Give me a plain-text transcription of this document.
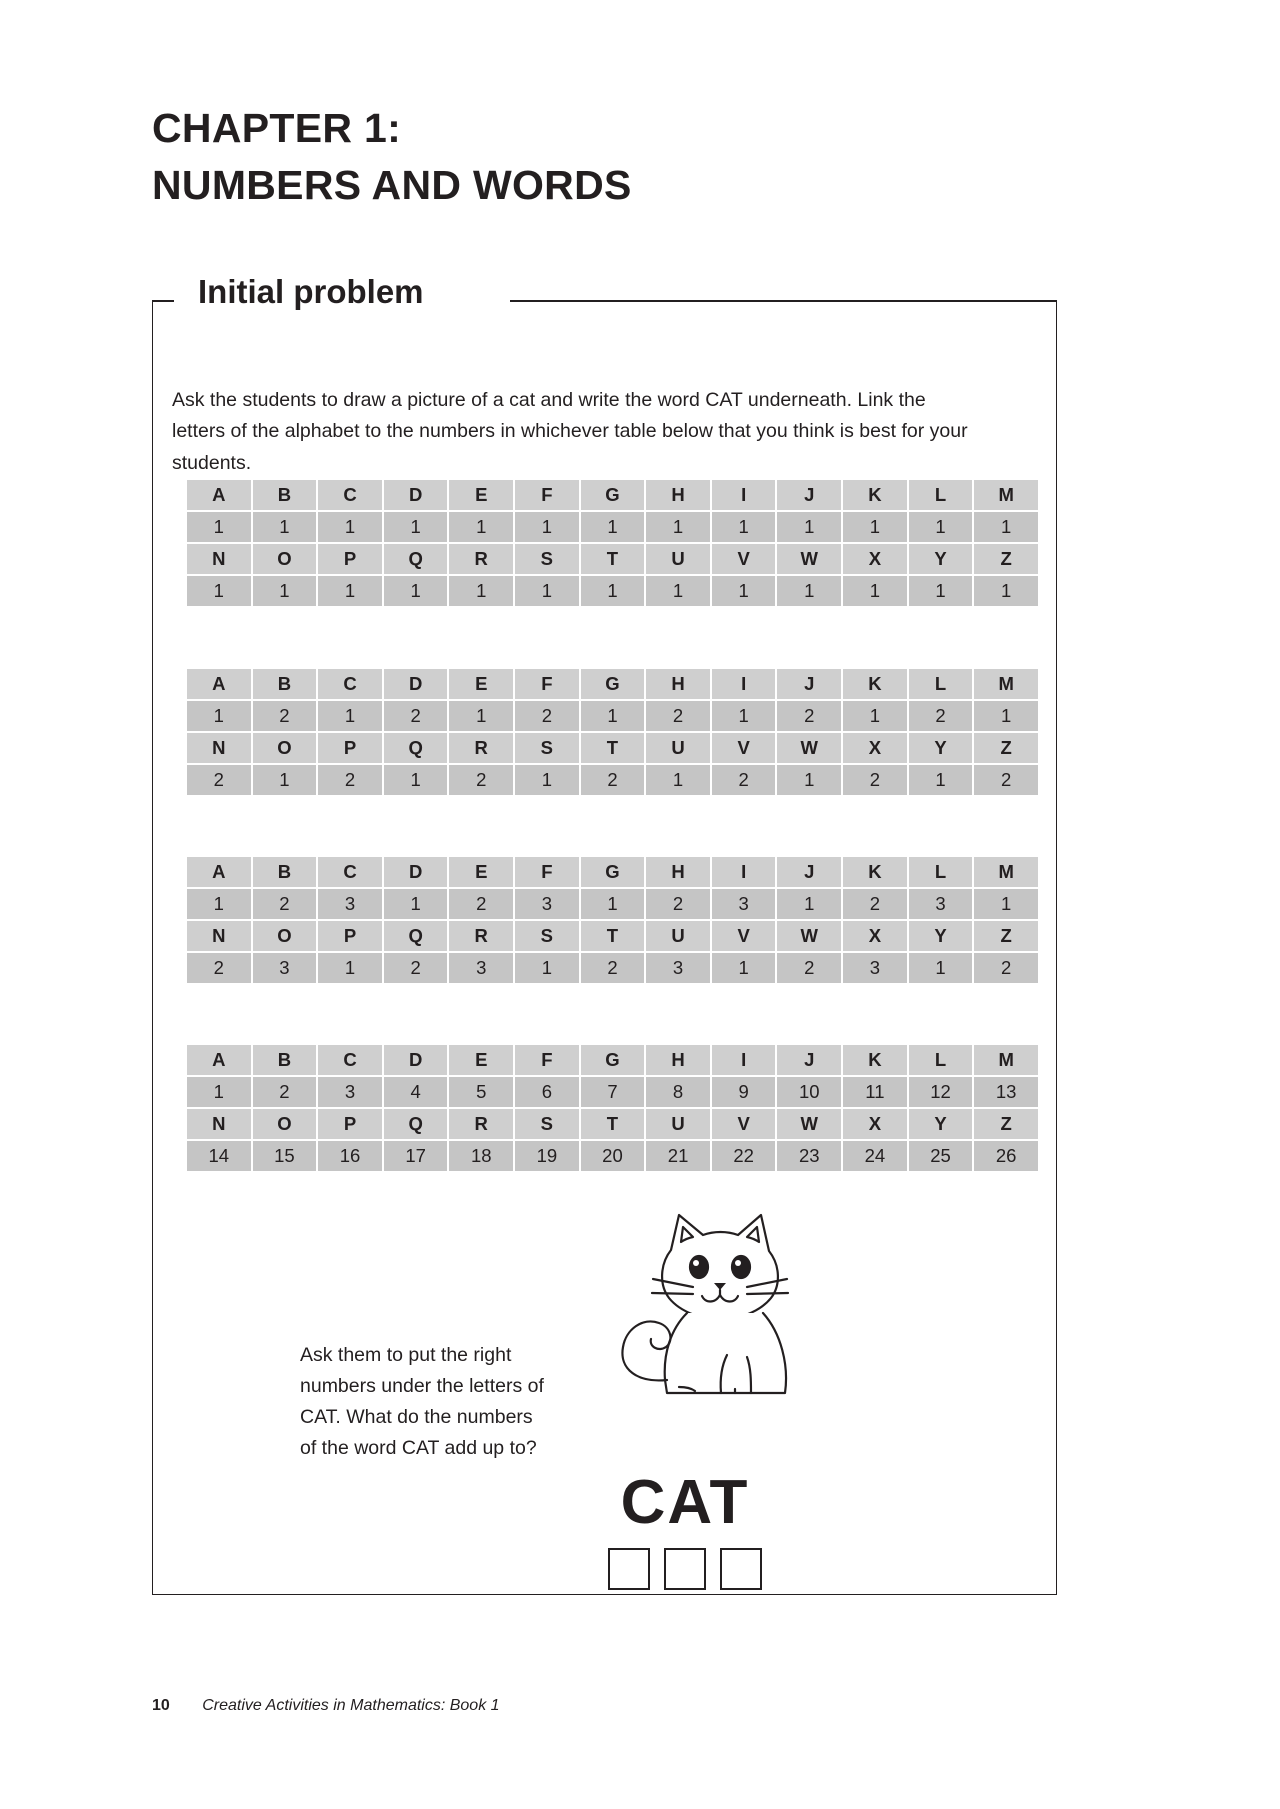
CHAPTER 1:
NUMBERS AND WORDS
Initial problem

Ask the students to draw a picture of a cat and write the word CAT underneath. Link the letters of the alphabet to the numbers in whichever table below that you think is best for your students.

A	B	C	D	E	F	G	H	I	J	K	L	M
1	1	1	1	1	1	1	1	1	1	1	1	1
N	O	P	Q	R	S	T	U	V	W	X	Y	Z
1	1	1	1	1	1	1	1	1	1	1	1	1
A	B	C	D	E	F	G	H	I	J	K	L	M
1	2	1	2	1	2	1	2	1	2	1	2	1
N	O	P	Q	R	S	T	U	V	W	X	Y	Z
2	1	2	1	2	1	2	1	2	1	2	1	2
A	B	C	D	E	F	G	H	I	J	K	L	M
1	2	3	1	2	3	1	2	3	1	2	3	1
N	O	P	Q	R	S	T	U	V	W	X	Y	Z
2	3	1	2	3	1	2	3	1	2	3	1	2
A	B	C	D	E	F	G	H	I	J	K	L	M
1	2	3	4	5	6	7	8	9	10	11	12	13
N	O	P	Q	R	S	T	U	V	W	X	Y	Z
14	15	16	17	18	19	20	21	22	23	24	25	26

Ask them to put the right numbers under the letters of CAT. What do the numbers of the word CAT add up to?

CAT
10 Creative Activities in Mathematics: Book 1
